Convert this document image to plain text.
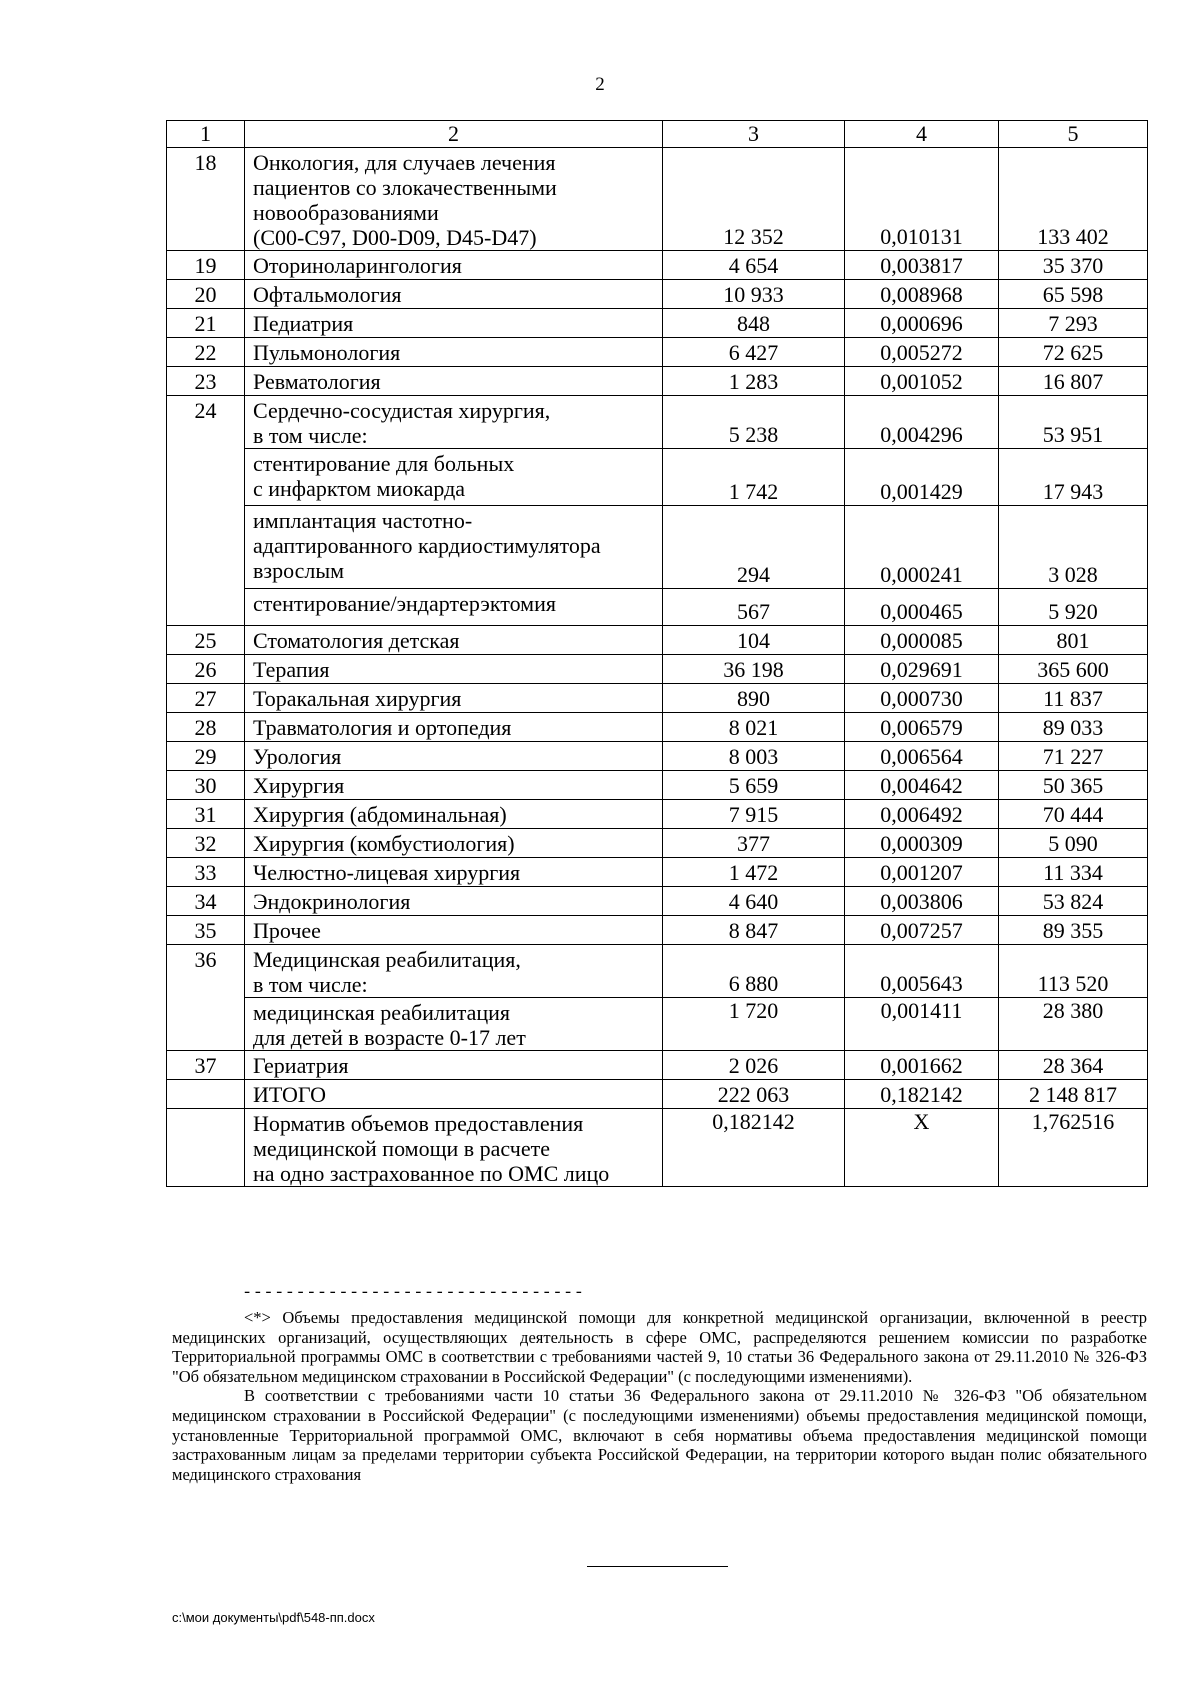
2
1	2	3	4	5
18	Онкология, для случаев лечения
пациентов со злокачественными
новообразованиями
(C00-C97, D00-D09, D45-D47)	12 352	0,010131	133 402
19	Оториноларингология	4 654	0,003817	35 370
20	Офтальмология	10 933	0,008968	65 598
21	Педиатрия	848	0,000696	7 293
22	Пульмонология	6 427	0,005272	72 625
23	Ревматология	1 283	0,001052	16 807
24	Сердечно-сосудистая хирургия,
в том числе:	5 238	0,004296	53 951

	стентирование для больных
с инфарктом миокарда	1 742	0,001429	17 943

	имплантация частотно-
адаптированного кардиостимулятора
взрослым	294	0,000241	3 028

	стентирование/эндартерэктомия	567	0,000465	5 920
25	Стоматология детская	104	0,000085	801
26	Терапия	36 198	0,029691	365 600
27	Торакальная хирургия	890	0,000730	11 837
28	Травматология и ортопедия	8 021	0,006579	89 033
29	Урология	8 003	0,006564	71 227
30	Хирургия	5 659	0,004642	50 365
31	Хирургия (абдоминальная)	7 915	0,006492	70 444
32	Хирургия (комбустиология)	377	0,000309	5 090
33	Челюстно-лицевая хирургия	1 472	0,001207	11 334
34	Эндокринология	4 640	0,003806	53 824
35	Прочее	8 847	0,007257	89 355
36	Медицинская реабилитация,
в том числе:	6 880	0,005643	113 520

	медицинская реабилитация
для детей в возрасте 0-17 лет	1 720	0,001411	28 380
37	Гериатрия	2 026	0,001662	28 364

	ИТОГО	222 063	0,182142	2 148 817

	Норматив объемов предоставления
медицинской помощи в расчете
на одно застрахованное по ОМС лицо	0,182142	X	1,762516
--------------------------------

<*> Объемы предоставления медицинской помощи для конкретной медицинской организации, включенной в реестр медицинских организаций, осуществляющих деятельность в сфере ОМС, распределяются решением комиссии по разработке Территориальной программы ОМС в соответствии с требованиями частей 9, 10 статьи 36 Федерального закона от 29.11.2010 № 326-ФЗ "Об обязательном медицинском страховании в Российской Федерации" (с последующими изменениями).

В соответствии с требованиями части 10 статьи 36 Федерального закона от 29.11.2010 № 326-ФЗ "Об обязательном медицинском страховании в Российской Федерации" (с последующими изменениями) объемы предоставления медицинской помощи, установленные Территориальной программой ОМС, включают в себя нормативы объема предоставления медицинской помощи застрахованным лицам за пределами территории субъекта Российской Федерации, на территории которого выдан полис обязательного медицинского страхования

c:\мои документы\pdf\548-пп.docx
